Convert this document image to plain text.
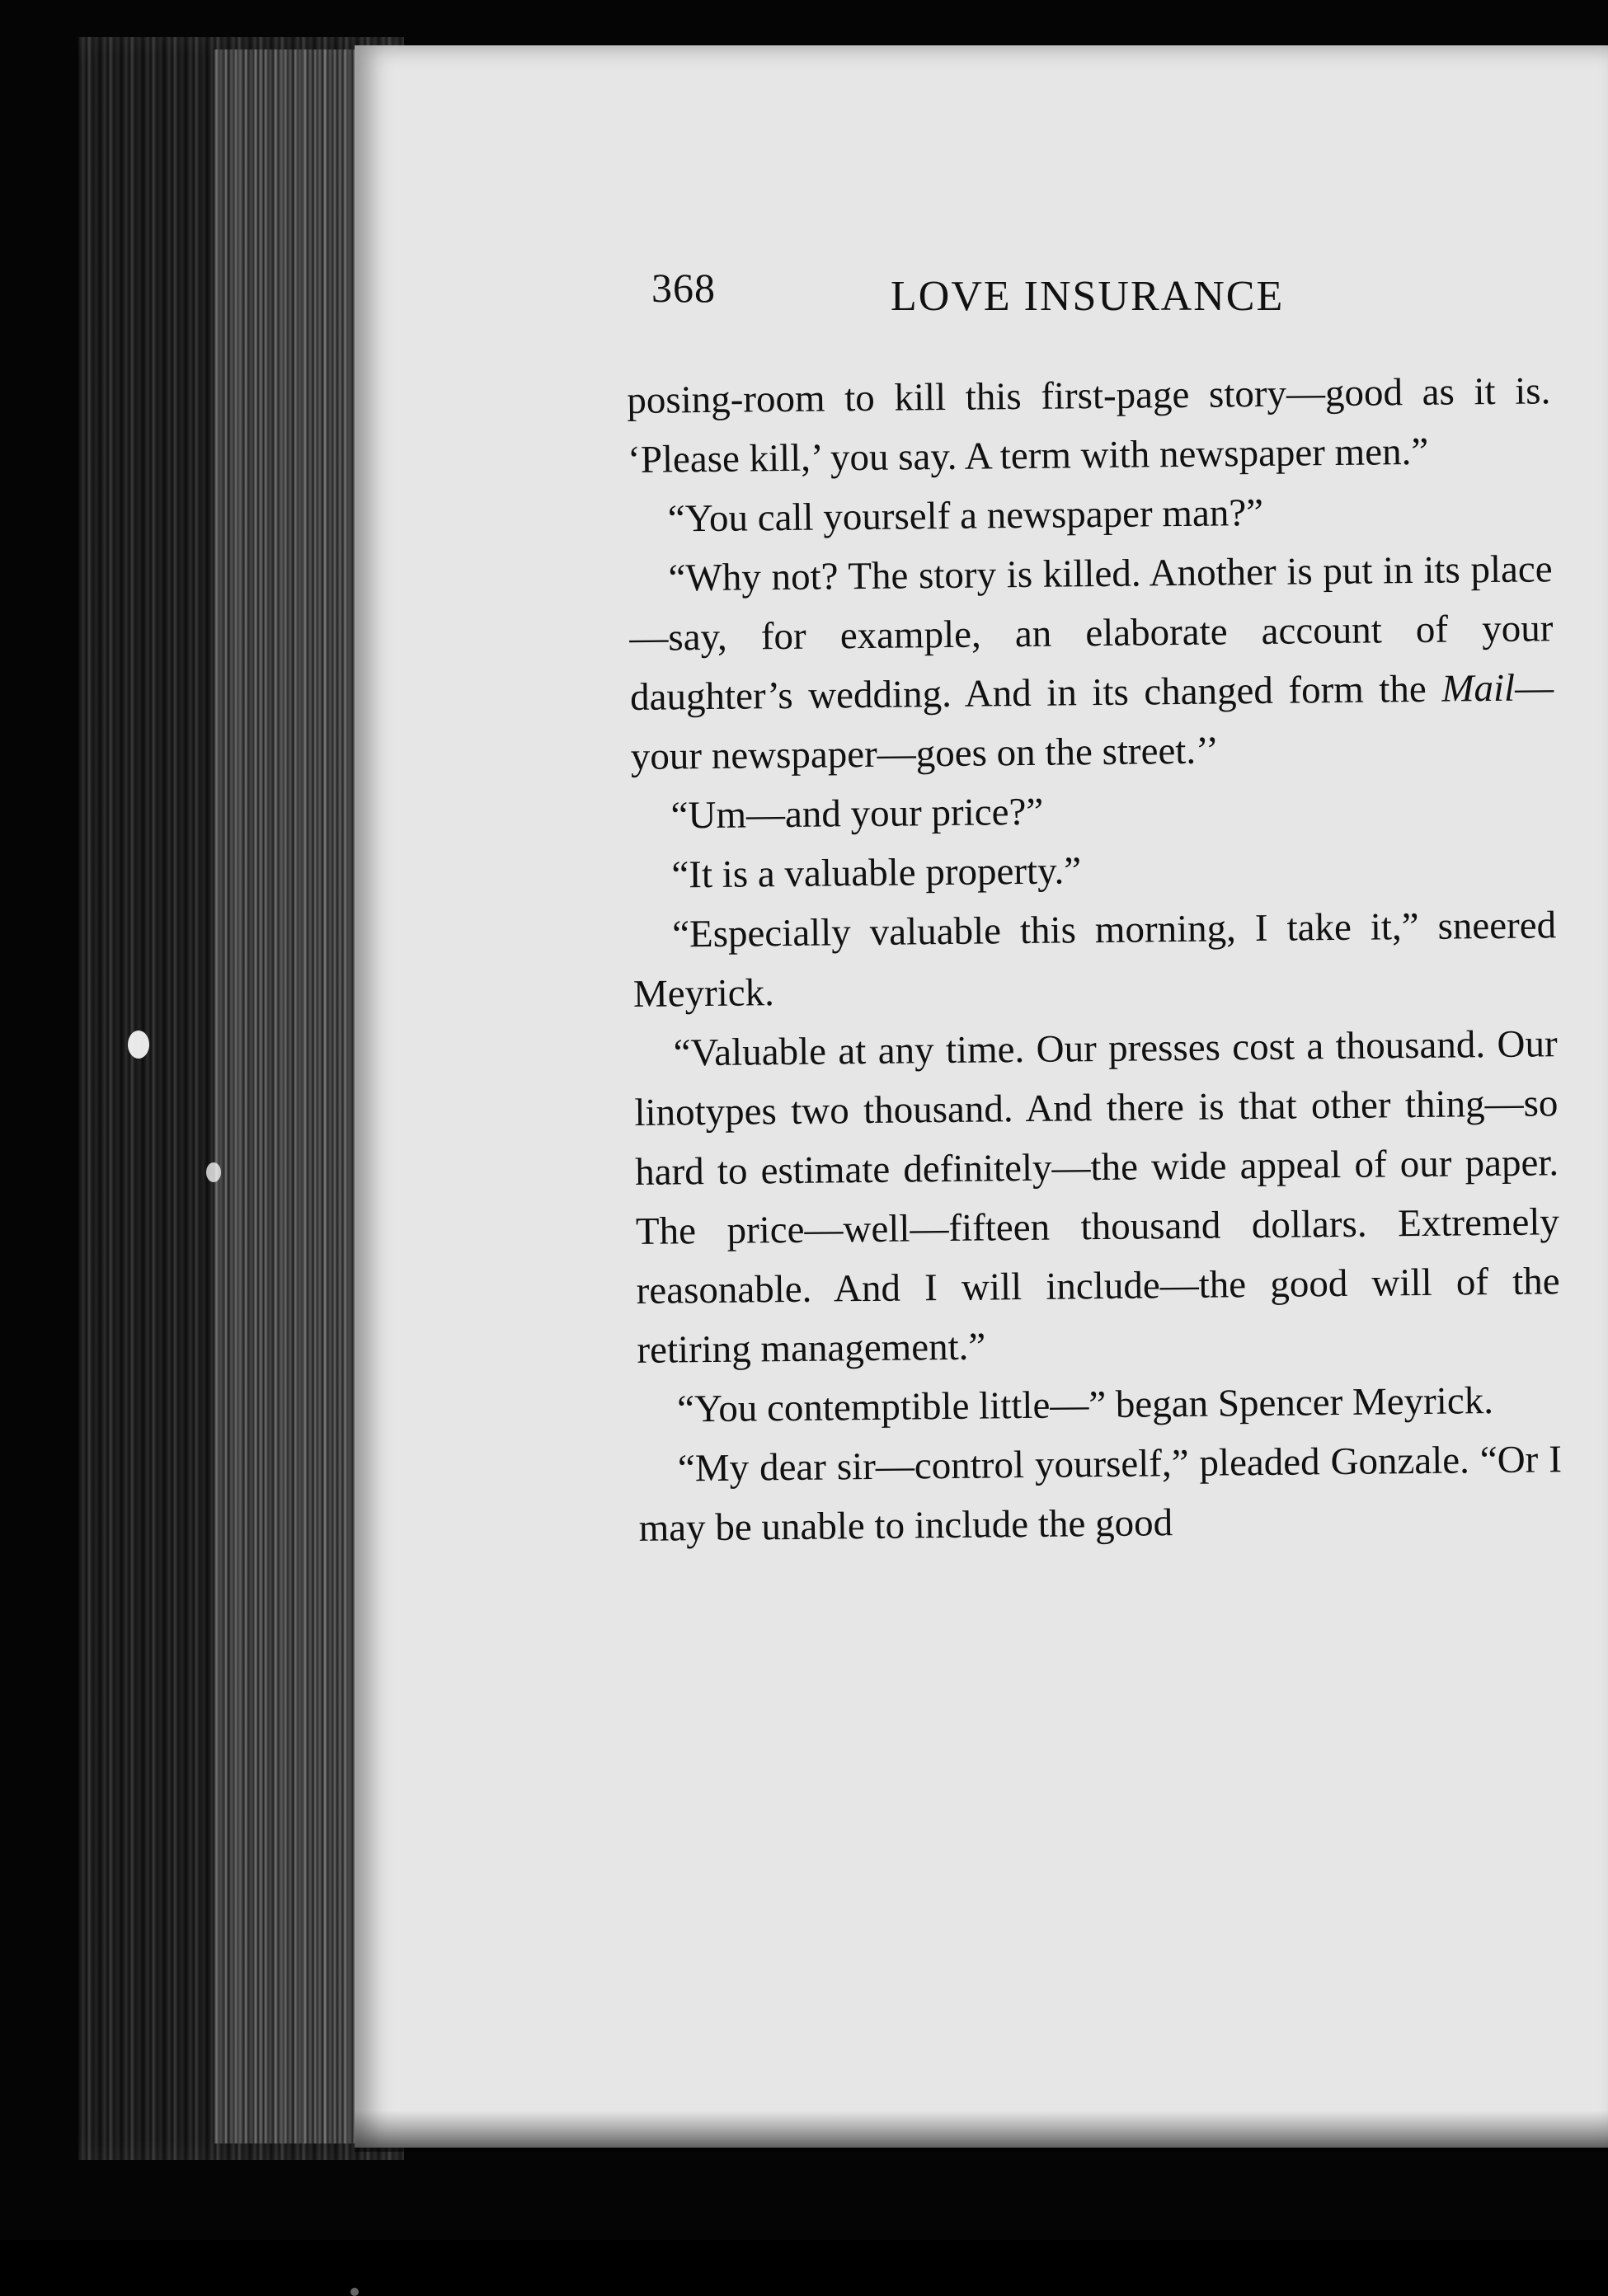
368	LOVE INSURANCE

posing-room to kill this first-page story—good as it is. ‘Please kill,’ you say. A term with newspaper men.”

“You call yourself a newspaper man?”

“Why not? The story is killed. Another is put in its place—say, for example, an elaborate account of your daughter’s wedding. And in its changed form the Mail—your newspaper—goes on the street.’’

“Um—and your price?”

“It is a valuable property.”

“Especially valuable this morning, I take it,” sneered Meyrick.

“Valuable at any time. Our presses cost a thousand. Our linotypes two thousand. And there is that other thing—so hard to estimate definitely—the wide appeal of our paper. The price—well—fifteen thousand dollars. Extremely reasonable. And I will include—the good will of the retiring management.”

“You contemptible little—” began Spencer Meyrick.

“My dear sir—control yourself,” pleaded Gonzale. “Or I may be unable to include the good
